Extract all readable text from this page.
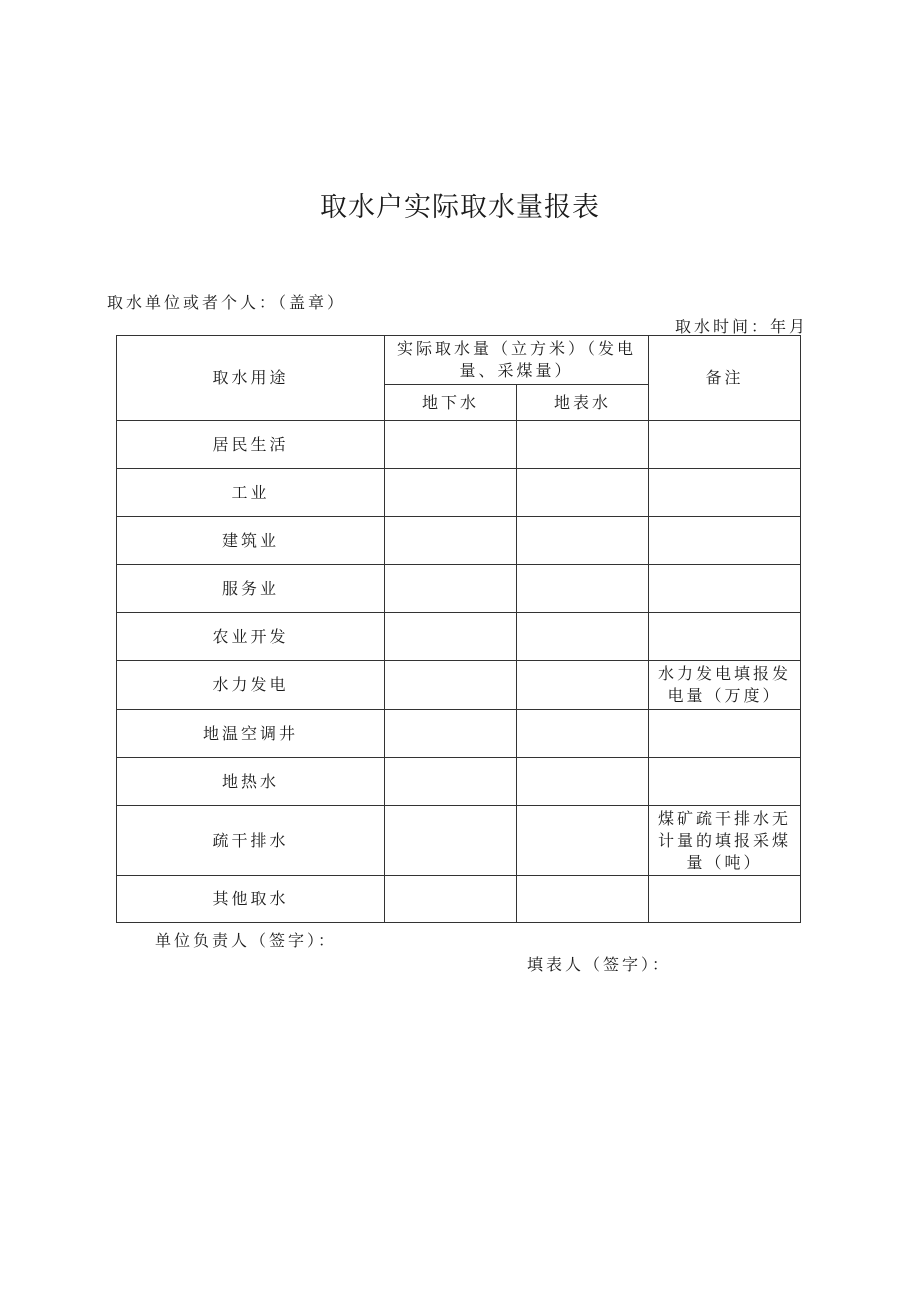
取水户实际取水量报表
取水单位或者个人：（盖章）
取水时间：年月
取水用途	实际取水量（立方米）（发电量、采煤量）		备注
	地下水	地表水	
居民生活			
工业			
建筑业			
服务业			
农业开发			
水力发电			水力发电填报发电量（万度）
地温空调井			
地热水			
疏干排水			煤矿疏干排水无计量的填报采煤量（吨）
其他取水			
单位负责人（签字）：
填表人（签字）：
